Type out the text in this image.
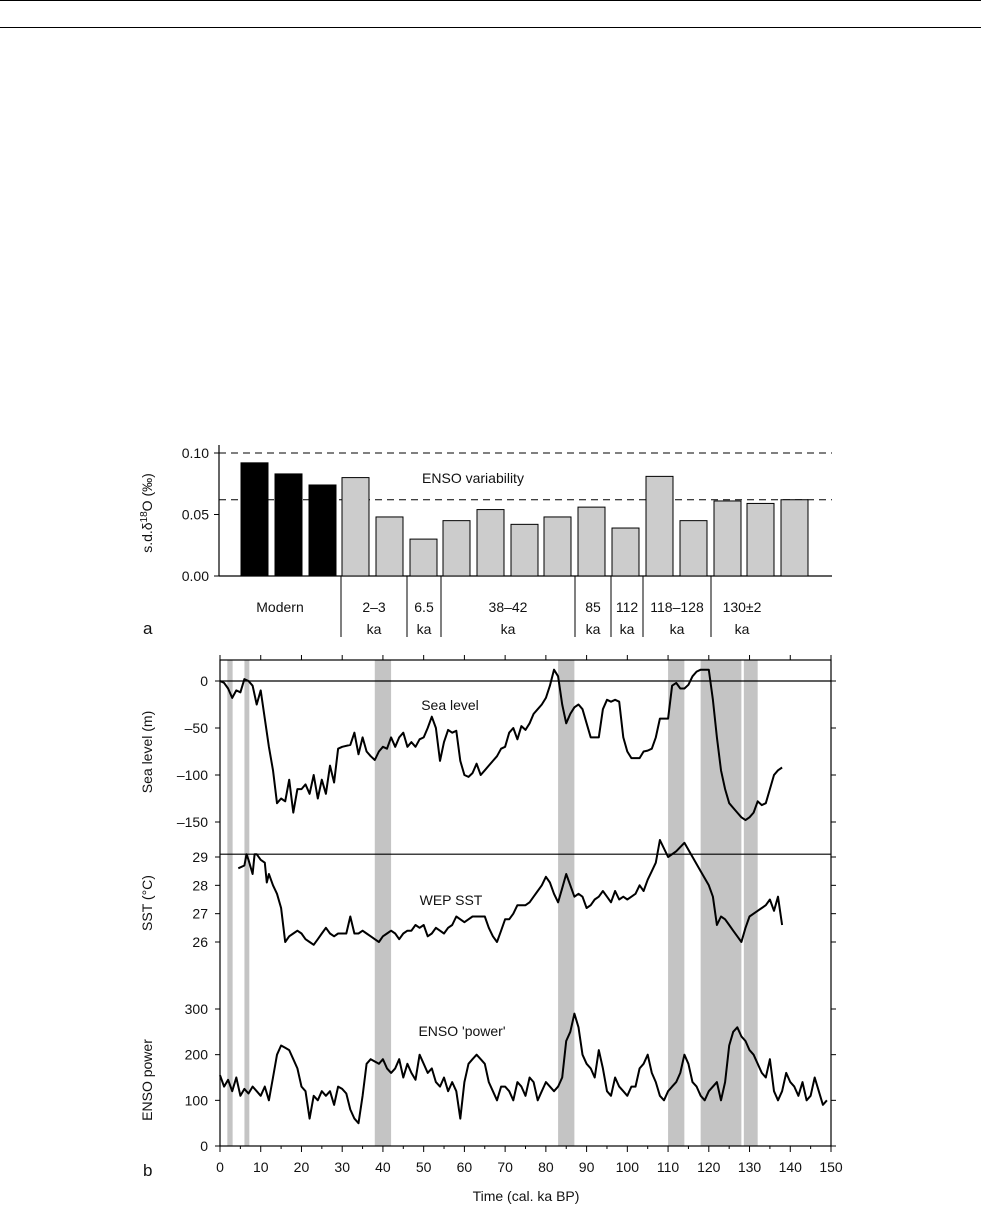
0.00
0.05
0.10
$s.d.\delta^{18}O$ (‰)	ENSO variability
Modern	2–3
ka
6.5
ka
38–42
ka
85
ka
112
ka
118–128
ka
130±2
ka
a
0
–50
–100
–150
Sea level (m)
26
27
28
29
SST (°C)
0
100
200
300
ENSO power
Sea level
WEP SST
ENSO 'power'
0 10 20 30 40 50 60 70 80 90 100 110 120 130 140 150
Time (cal. ka BP)
b
